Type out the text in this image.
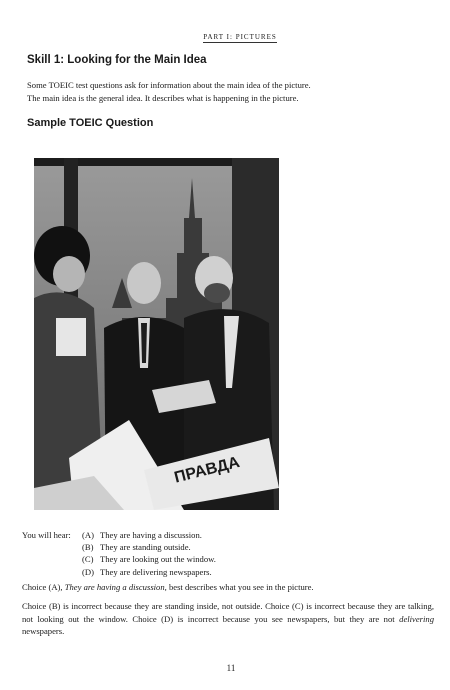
PART I: PICTURES
Skill 1: Looking for the Main Idea
Some TOEIC test questions ask for information about the main idea of the picture.
The main idea is the general idea. It describes what is happening in the picture.
Sample TOEIC Question
ПРАВДА
You will hear:	(A) They are having a discussion.
(B) They are standing outside.
(C) They are looking out the window.
(D) They are delivering newspapers.
Choice (A), They are having a discussion, best describes what you see in the picture.
Choice (B) is incorrect because they are standing inside, not outside. Choice (C) is incorrect because they are talking, not looking out the window. Choice (D) is incorrect because you see newspapers, but they are not delivering newspapers.
11
